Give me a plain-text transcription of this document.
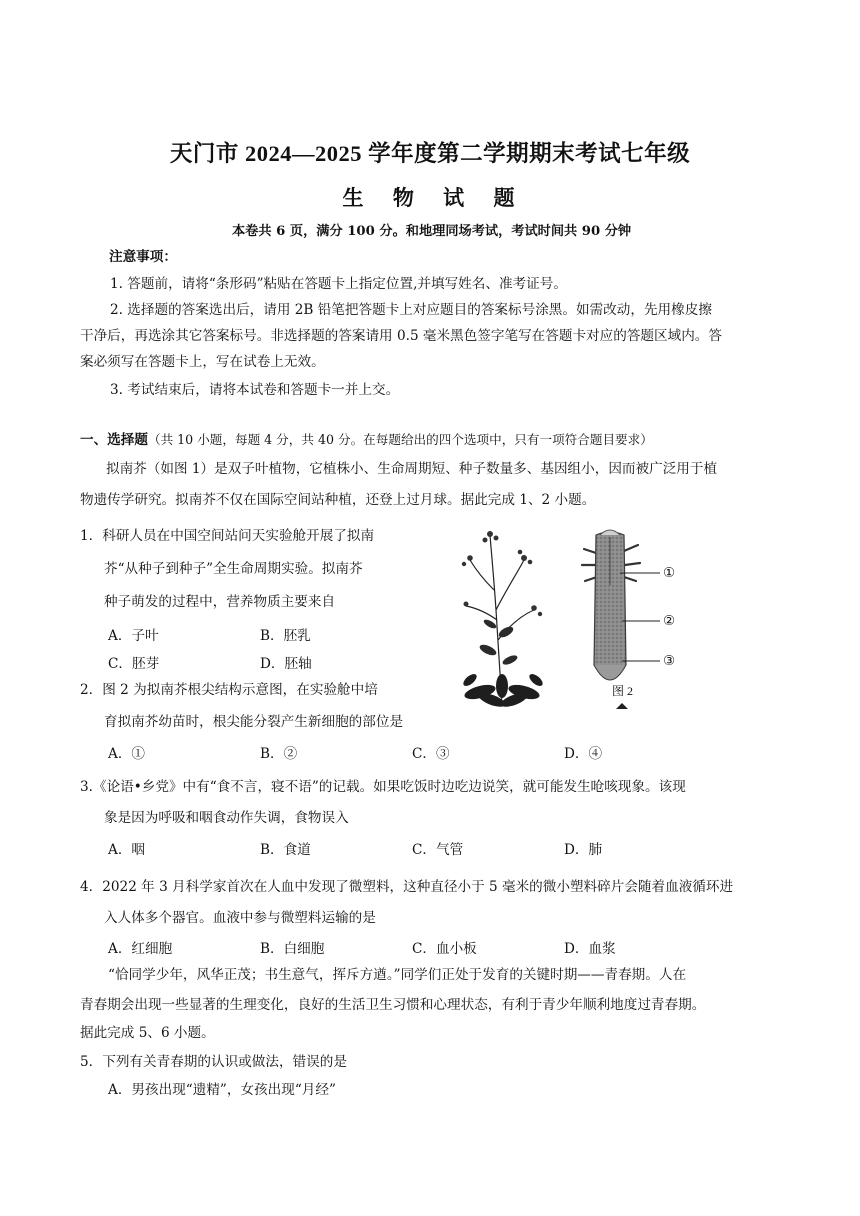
天门市 2024—2025 学年度第二学期期末考试七年级
生 物 试 题
本卷共 6 页，满分 100 分。和地理同场考试，考试时间共 90 分钟
注意事项：
1. 答题前，请将“条形码”粘贴在答题卡上指定位置,并填写姓名、准考证号。
2. 选择题的答案选出后，请用 2B 铅笔把答题卡上对应题目的答案标号涂黑。如需改动，先用橡皮擦
干净后，再选涂其它答案标号。非选择题的答案请用 0.5 毫米黑色签字笔写在答题卡对应的答题区域内。答
案必须写在答题卡上，写在试卷上无效。
3. 考试结束后，请将本试卷和答题卡一并上交。
一、选择题（共 10 小题，每题 4 分，共 40 分。在每题给出的四个选项中，只有一项符合题目要求）
拟南芥（如图 1）是双子叶植物，它植株小、生命周期短、种子数量多、基因组小，因而被广泛用于植
物遗传学研究。拟南芥不仅在国际空间站种植，还登上过月球。据此完成 1、2 小题。
1．科研人员在中国空间站问天实验舱开展了拟南
芥“从种子到种子”全生命周期实验。拟南芥
种子萌发的过程中，营养物质主要来自
A．子叶	B．胚乳
C．胚芽	D．胚轴
2．图 2 为拟南芥根尖结构示意图，在实验舱中培
育拟南芥幼苗时，根尖能分裂产生新细胞的部位是
A．①	B．②	C．③	D．④
①
②
③
图 2
3.《论语•乡党》中有“食不言，寝不语”的记载。如果吃饭时边吃边说笑，就可能发生呛咳现象。该现
象是因为呼吸和咽食动作失调，食物误入
A．咽	B．食道	C．气管	D．肺
4．2022 年 3 月科学家首次在人血中发现了微塑料，这种直径小于 5 毫米的微小塑料碎片会随着血液循环进
入人体多个器官。血液中参与微塑料运输的是
A．红细胞	B．白细胞	C．血小板	D．血浆
“恰同学少年，风华正茂；书生意气，挥斥方遒。”同学们正处于发育的关键时期——青春期。人在
青春期会出现一些显著的生理变化，良好的生活卫生习惯和心理状态，有利于青少年顺利地度过青春期。
据此完成 5、6 小题。
5．下列有关青春期的认识或做法，错误的是
A．男孩出现“遗精”，女孩出现“月经”
